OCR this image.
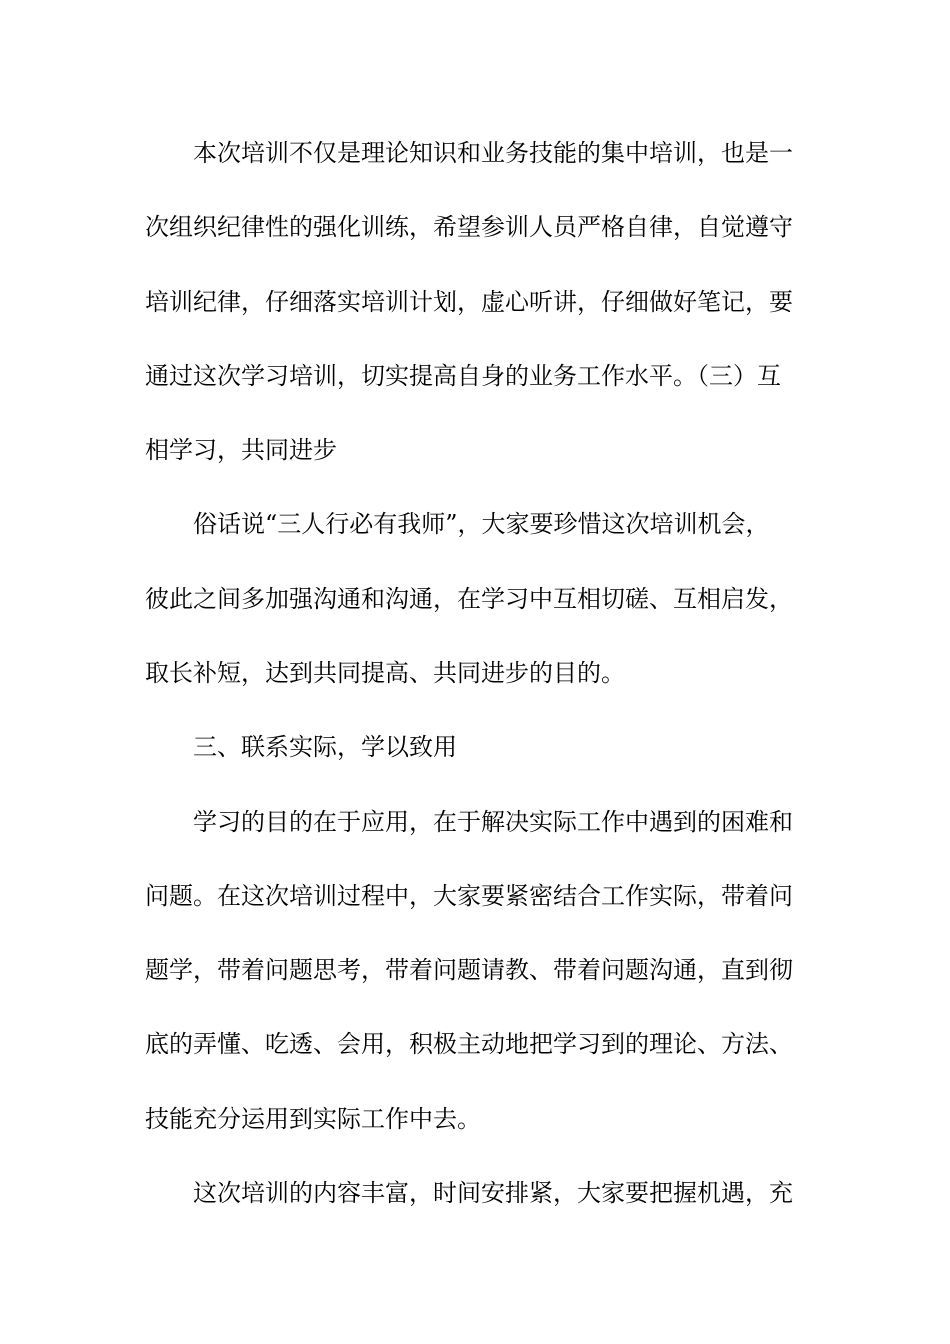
本次培训不仅是理论知识和业务技能的集中培训，也是一
次组织纪律性的强化训练，希望参训人员严格自律，自觉遵守
培训纪律，仔细落实培训计划，虚心听讲，仔细做好笔记，要
通过这次学习培训，切实提高自身的业务工作水平。（三）互
相学习，共同进步
俗话说“三人行必有我师”，大家要珍惜这次培训机会，
彼此之间多加强沟通和沟通，在学习中互相切磋、互相启发，
取长补短，达到共同提高、共同进步的目的。
三、联系实际，学以致用
学习的目的在于应用，在于解决实际工作中遇到的困难和
问题。在这次培训过程中，大家要紧密结合工作实际，带着问
题学，带着问题思考，带着问题请教、带着问题沟通，直到彻
底的弄懂、吃透、会用，积极主动地把学习到的理论、方法、
技能充分运用到实际工作中去。
这次培训的内容丰富，时间安排紧，大家要把握机遇，充
